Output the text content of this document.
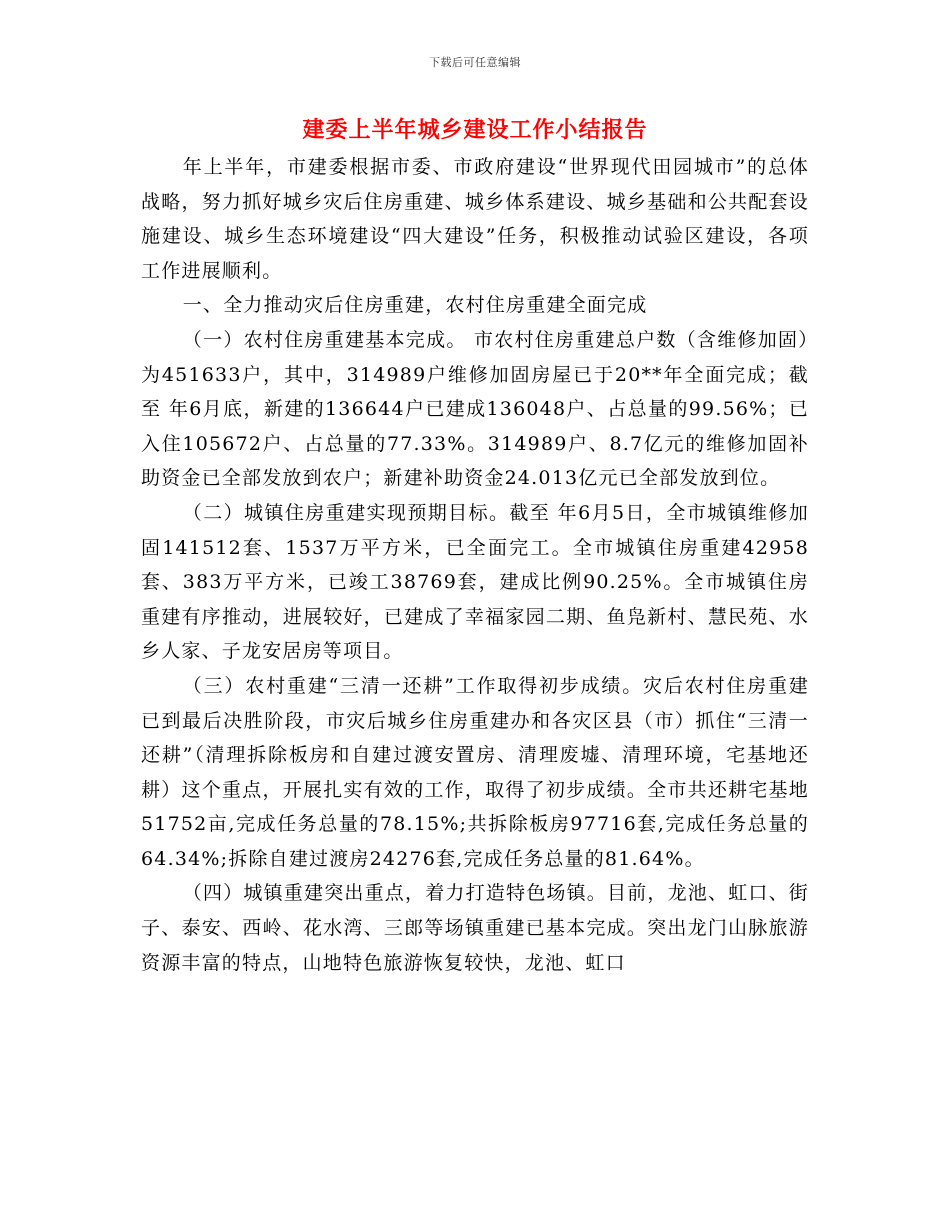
下载后可任意编辑
建委上半年城乡建设工作小结报告

年上半年，市建委根据市委、市政府建设“世界现代田园城市”的总体战略，努力抓好城乡灾后住房重建、城乡体系建设、城乡基础和公共配套设施建设、城乡生态环境建设“四大建设”任务，积极推动试验区建设，各项工作进展顺利。

一、全力推动灾后住房重建，农村住房重建全面完成

（一）农村住房重建基本完成。 市农村住房重建总户数（含维修加固）为451633户，其中，314989户维修加固房屋已于20**年全面完成；截至 年6月底，新建的136644户已建成136048户、占总量的99.56%；已入住105672户、占总量的77.33%。314989户、8.7亿元的维修加固补助资金已全部发放到农户；新建补助资金24.013亿元已全部发放到位。

（二）城镇住房重建实现预期目标。截至 年6月5日，全市城镇维修加固141512套、1537万平方米，已全面完工。全市城镇住房重建42958套、383万平方米，已竣工38769套，建成比例90.25%。全市城镇住房重建有序推动，进展较好，已建成了幸福家园二期、鱼凫新村、慧民苑、水乡人家、子龙安居房等项目。

（三）农村重建“三清一还耕”工作取得初步成绩。灾后农村住房重建已到最后决胜阶段，市灾后城乡住房重建办和各灾区县（市）抓住“三清一还耕”（清理拆除板房和自建过渡安置房、清理废墟、清理环境，宅基地还耕）这个重点，开展扎实有效的工作，取得了初步成绩。全市共还耕宅基地51752亩,完成任务总量的78.15%;共拆除板房97716套,完成任务总量的64.34%;拆除自建过渡房24276套,完成任务总量的81.64%。

（四）城镇重建突出重点，着力打造特色场镇。目前，龙池、虹口、街子、泰安、西岭、花水湾、三郎等场镇重建已基本完成。突出龙门山脉旅游资源丰富的特点，山地特色旅游恢复较快，龙池、虹口
